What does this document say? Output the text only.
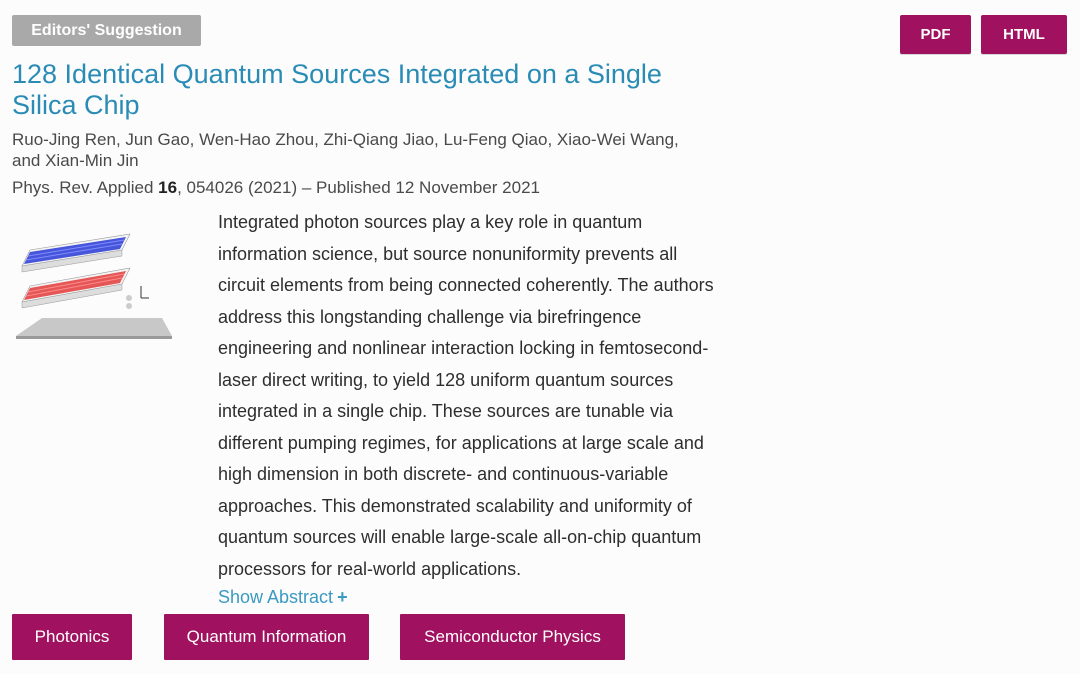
Editors' Suggestion	PDF	HTML
128 Identical Quantum Sources Integrated on a Single
Silica Chip
Ruo-Jing Ren, Jun Gao, Wen-Hao Zhou, Zhi-Qiang Jiao, Lu-Feng Qiao, Xiao-Wei Wang,
and Xian-Min Jin
Phys. Rev. Applied 16, 054026 (2021) – Published 12 November 2021
Integrated photon sources play a key role in quantum
information science, but source nonuniformity prevents all
circuit elements from being connected coherently. The authors
address this longstanding challenge via birefringence
engineering and nonlinear interaction locking in femtosecond-
laser direct writing, to yield 128 uniform quantum sources
integrated in a single chip. These sources are tunable via
different pumping regimes, for applications at large scale and
high dimension in both discrete- and continuous-variable
approaches. This demonstrated scalability and uniformity of
quantum sources will enable large-scale all-on-chip quantum
processors for real-world applications.
Show Abstract +
Photonics	Quantum Information	Semiconductor Physics
